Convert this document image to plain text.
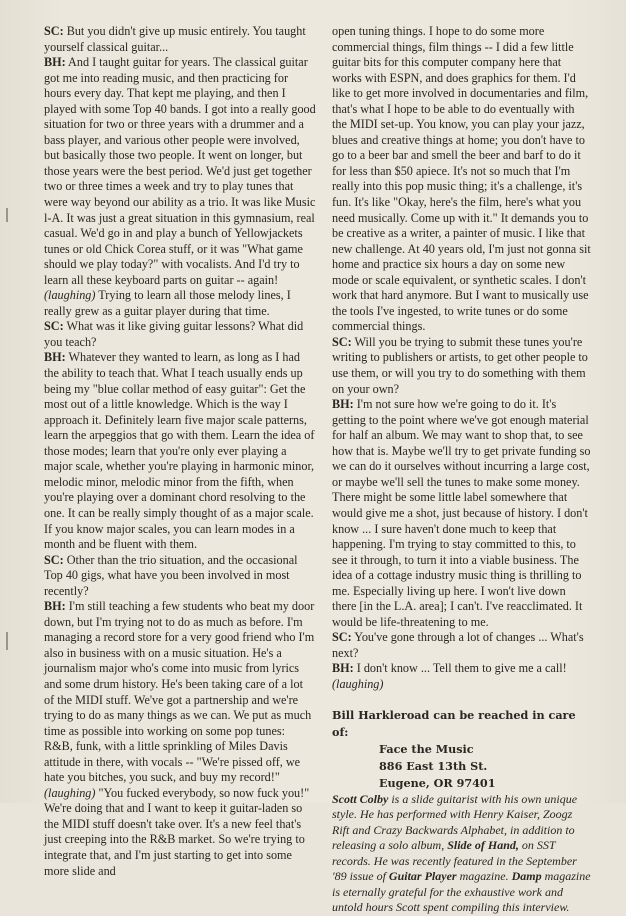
SC: But you didn't give up music entirely. You taught yourself classical guitar...

BH: And I taught guitar for years. The classical guitar got me into reading music, and then practicing for hours every day. That kept me playing, and then I played with some Top 40 bands. I got into a really good situation for two or three years with a drummer and a bass player, and various other people were involved, but basically those two people. It went on longer, but those years were the best period. We'd just get together two or three times a week and try to play tunes that were way beyond our ability as a trio. It was like Music l-A. It was just a great situation in this gymnasium, real casual. We'd go in and play a bunch of Yellowjackets tunes or old Chick Corea stuff, or it was "What game should we play today?" with vocalists. And I'd try to learn all these keyboard parts on guitar -- again! (laughing) Trying to learn all those melody lines, I really grew as a guitar player during that time.

SC: What was it like giving guitar lessons? What did you teach?

BH: Whatever they wanted to learn, as long as I had the ability to teach that. What I teach usually ends up being my "blue collar method of easy guitar": Get the most out of a little knowledge. Which is the way I approach it. Definitely learn five major scale patterns, learn the arpeggios that go with them. Learn the idea of those modes; learn that you're only ever playing a major scale, whether you're playing in harmonic minor, melodic minor, melodic minor from the fifth, when you're playing over a dominant chord resolving to the one. It can be really simply thought of as a major scale. If you know major scales, you can learn modes in a month and be fluent with them.

SC: Other than the trio situation, and the occasional Top 40 gigs, what have you been involved in most recently?

BH: I'm still teaching a few students who beat my door down, but I'm trying not to do as much as before. I'm managing a record store for a very good friend who I'm also in business with on a music situation. He's a journalism major who's come into music from lyrics and some drum history. He's been taking care of a lot of the MIDI stuff. We've got a partnership and we're trying to do as many things as we can. We put as much time as possible into working on some pop tunes: R&B, funk, with a little sprinkling of Miles Davis attitude in there, with vocals -- "We're pissed off, we hate you bitches, you suck, and buy my record!" (laughing) "You fucked everybody, so now fuck you!" We're doing that and I want to keep it guitar-laden so the MIDI stuff doesn't take over. It's a new feel that's just creeping into the R&B market. So we're trying to integrate that, and I'm just starting to get into some more slide and

open tuning things. I hope to do some more commercial things, film things -- I did a few little guitar bits for this computer company here that works with ESPN, and does graphics for them. I'd like to get more involved in documentaries and film, that's what I hope to be able to do eventually with the MIDI set-up. You know, you can play your jazz, blues and creative things at home; you don't have to go to a beer bar and smell the beer and barf to do it for less than $50 apiece. It's not so much that I'm really into this pop music thing; it's a challenge, it's fun. It's like "Okay, here's the film, here's what you need musically. Come up with it." It demands you to be creative as a writer, a painter of music. I like that new challenge. At 40 years old, I'm just not gonna sit home and practice six hours a day on some new mode or scale equivalent, or synthetic scales. I don't work that hard anymore. But I want to musically use the tools I've ingested, to write tunes or do some commercial things.

SC: Will you be trying to submit these tunes you're writing to publishers or artists, to get other people to use them, or will you try to do something with them on your own?

BH: I'm not sure how we're going to do it. It's getting to the point where we've got enough material for half an album. We may want to shop that, to see how that is. Maybe we'll try to get private funding so we can do it ourselves without incurring a large cost, or maybe we'll sell the tunes to make some money. There might be some little label somewhere that would give me a shot, just because of history. I don't know ... I sure haven't done much to keep that happening. I'm trying to stay committed to this, to see it through, to turn it into a viable business. The idea of a cottage industry music thing is thrilling to me. Especially living up here. I won't live down there [in the L.A. area]; I can't. I've reacclimated. It would be life-threatening to me.

SC: You've gone through a lot of changes ... What's next?

BH: I don't know ... Tell them to give me a call! (laughing)

Bill Harkleroad can be reached in care of:
Face the Music
886 East 13th St.
Eugene, OR 97401

Scott Colby is a slide guitarist with his own unique style. He has performed with Henry Kaiser, Zoogz Rift and Crazy Backwards Alphabet, in addition to releasing a solo album, Slide of Hand, on SST records. He was recently featured in the September '89 issue of Guitar Player magazine. Damp magazine is eternally grateful for the exhaustive work and untold hours Scott spent compiling this interview.
